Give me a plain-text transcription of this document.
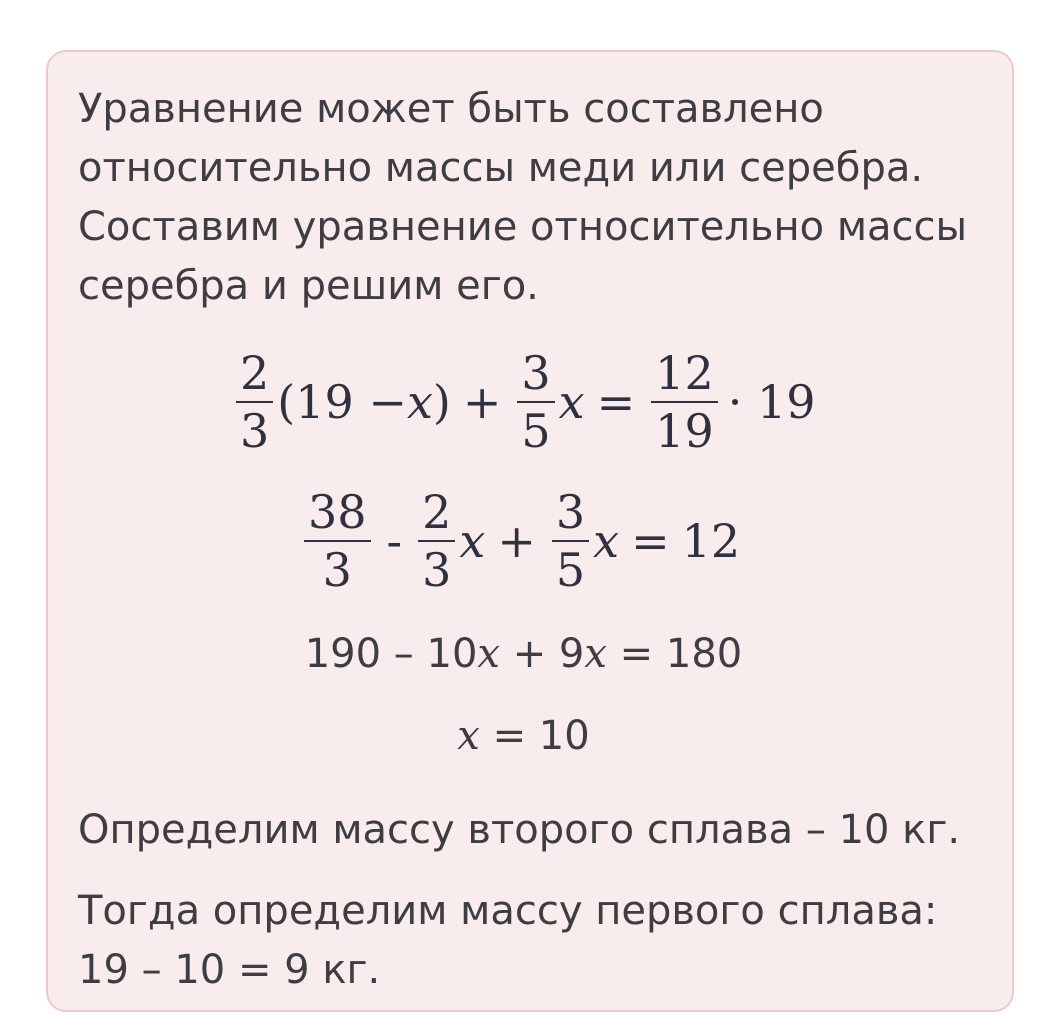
Уравнение может быть составлено относительно массы меди или серебра. Составим уравнение относительно массы серебра и решим его.

$\frac{2}{3} (19 - x$ ) + $\frac{3}{5}$ $x = \frac{12}{19} \cdot 19$
$\frac{38}{3} - \frac{2}{3}$ $x + \frac{3}{5}$ x = 12
190 – 10x + 9x = 180
x = 10

Определим массу второго сплава – 10 кг.

Тогда определим массу первого сплава: 19 – 10 = 9 кг.
